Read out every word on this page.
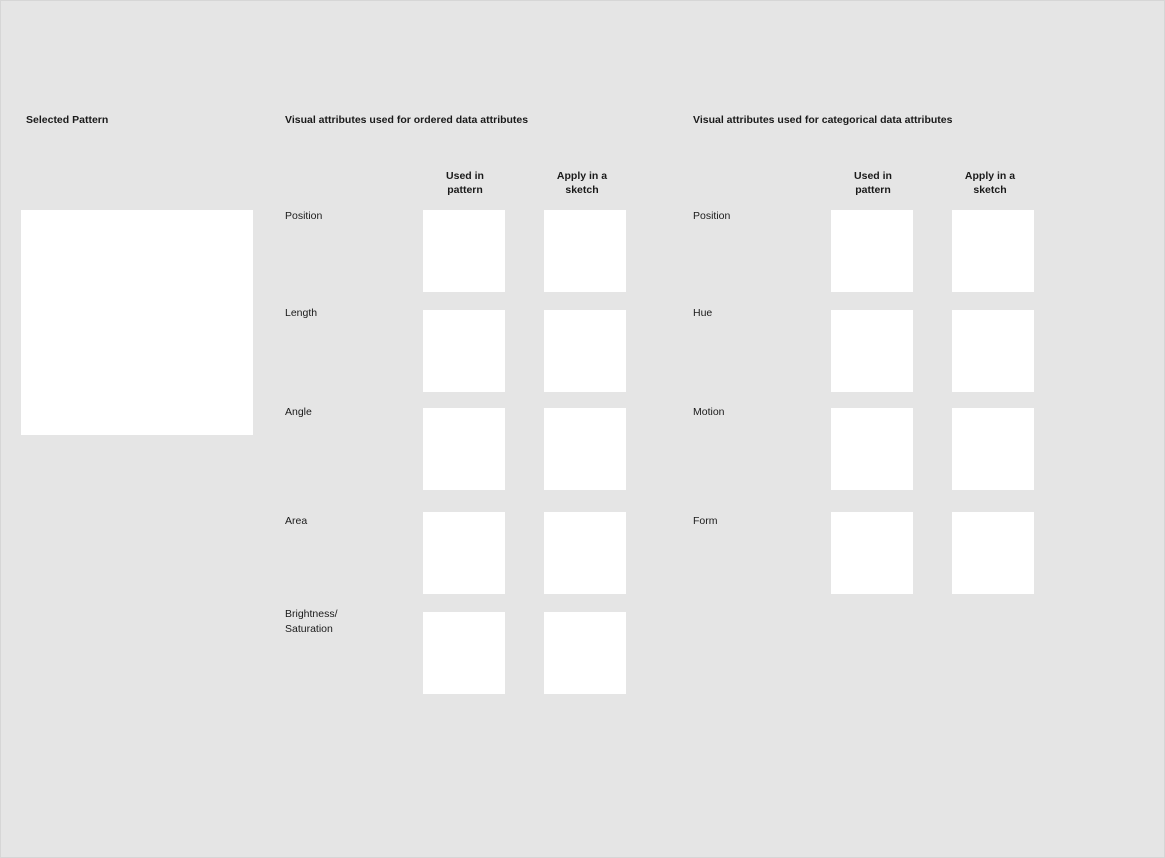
Selected Pattern	Visual attributes used for ordered data attributes
Used in
pattern
Apply in a
sketch
Position
Length
Angle
Area
Brightness/
Saturation
Visual attributes used for categorical data attributes
Used in
pattern
Apply in a
sketch
Position
Hue
Motion
Form
